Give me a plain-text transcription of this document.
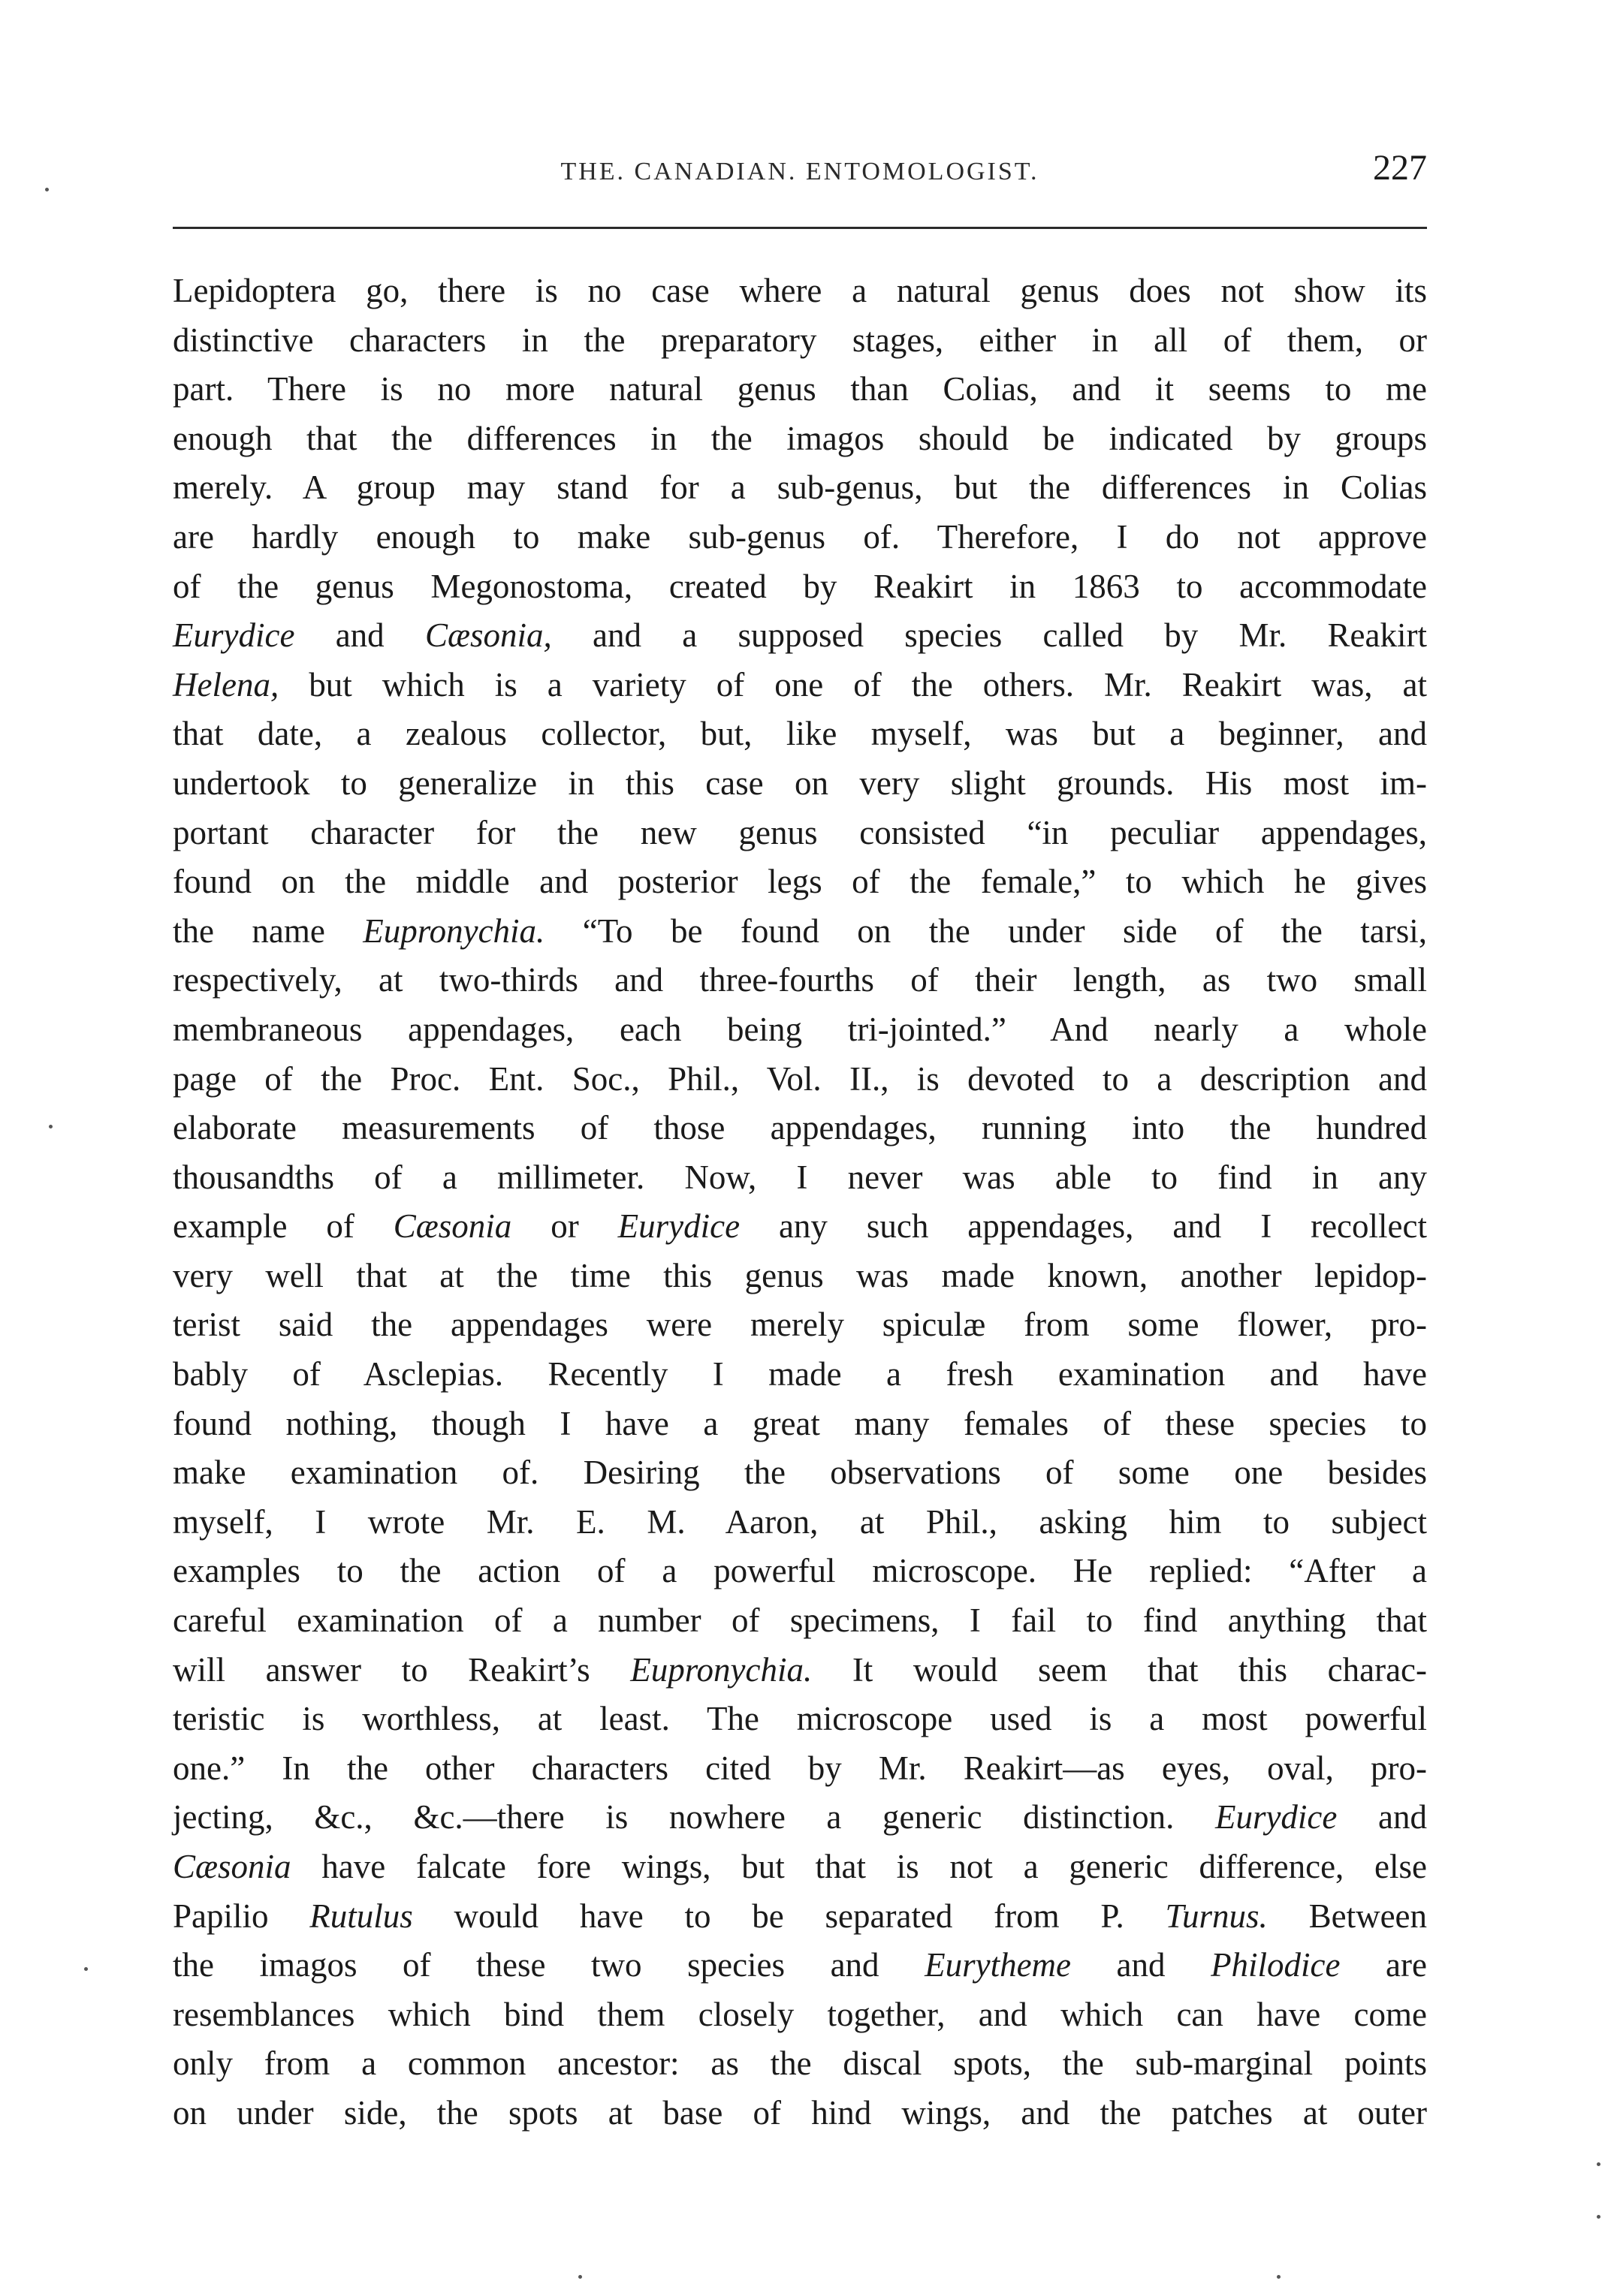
THE. CANADIAN. ENTOMOLOGIST.	227
Lepidoptera go, there is no case where a natural genus does not show its
distinctive characters in the preparatory stages, either in all of them, or
part. There is no more natural genus than Colias, and it seems to me
enough that the differences in the imagos should be indicated by groups
merely. A group may stand for a sub-genus, but the differences in Colias
are hardly enough to make sub-genus of. Therefore, I do not approve
of the genus Megonostoma, created by Reakirt in 1863 to accommodate
Eurydice and Cæsonia, and a supposed species called by Mr. Reakirt
Helena, but which is a variety of one of the others. Mr. Reakirt was, at
that date, a zealous collector, but, like myself, was but a beginner, and
undertook to generalize in this case on very slight grounds. His most im-
portant character for the new genus consisted “in peculiar appendages,
found on the middle and posterior legs of the female,” to which he gives
the name Eupronychia. “To be found on the under side of the tarsi,
respectively, at two-thirds and three-fourths of their length, as two small
membraneous appendages, each being tri-jointed.” And nearly a whole
page of the Proc. Ent. Soc., Phil., Vol. II., is devoted to a description and
elaborate measurements of those appendages, running into the hundred
thousandths of a millimeter. Now, I never was able to find in any
example of Cæsonia or Eurydice any such appendages, and I recollect
very well that at the time this genus was made known, another lepidop-
terist said the appendages were merely spiculæ from some flower, pro-
bably of Asclepias. Recently I made a fresh examination and have
found nothing, though I have a great many females of these species to
make examination of. Desiring the observations of some one besides
myself, I wrote Mr. E. M. Aaron, at Phil., asking him to subject
examples to the action of a powerful microscope. He replied: “After a
careful examination of a number of specimens, I fail to find anything that
will answer to Reakirt’s Eupronychia. It would seem that this charac-
teristic is worthless, at least. The microscope used is a most powerful
one.” In the other characters cited by Mr. Reakirt—as eyes, oval, pro-
jecting, &c., &c.—there is nowhere a generic distinction. Eurydice and
Cæsonia have falcate fore wings, but that is not a generic difference, else
Papilio Rutulus would have to be separated from P. Turnus. Between
the imagos of these two species and Eurytheme and Philodice are
resemblances which bind them closely together, and which can have come
only from a common ancestor: as the discal spots, the sub-marginal points
on under side, the spots at base of hind wings, and the patches at outer
